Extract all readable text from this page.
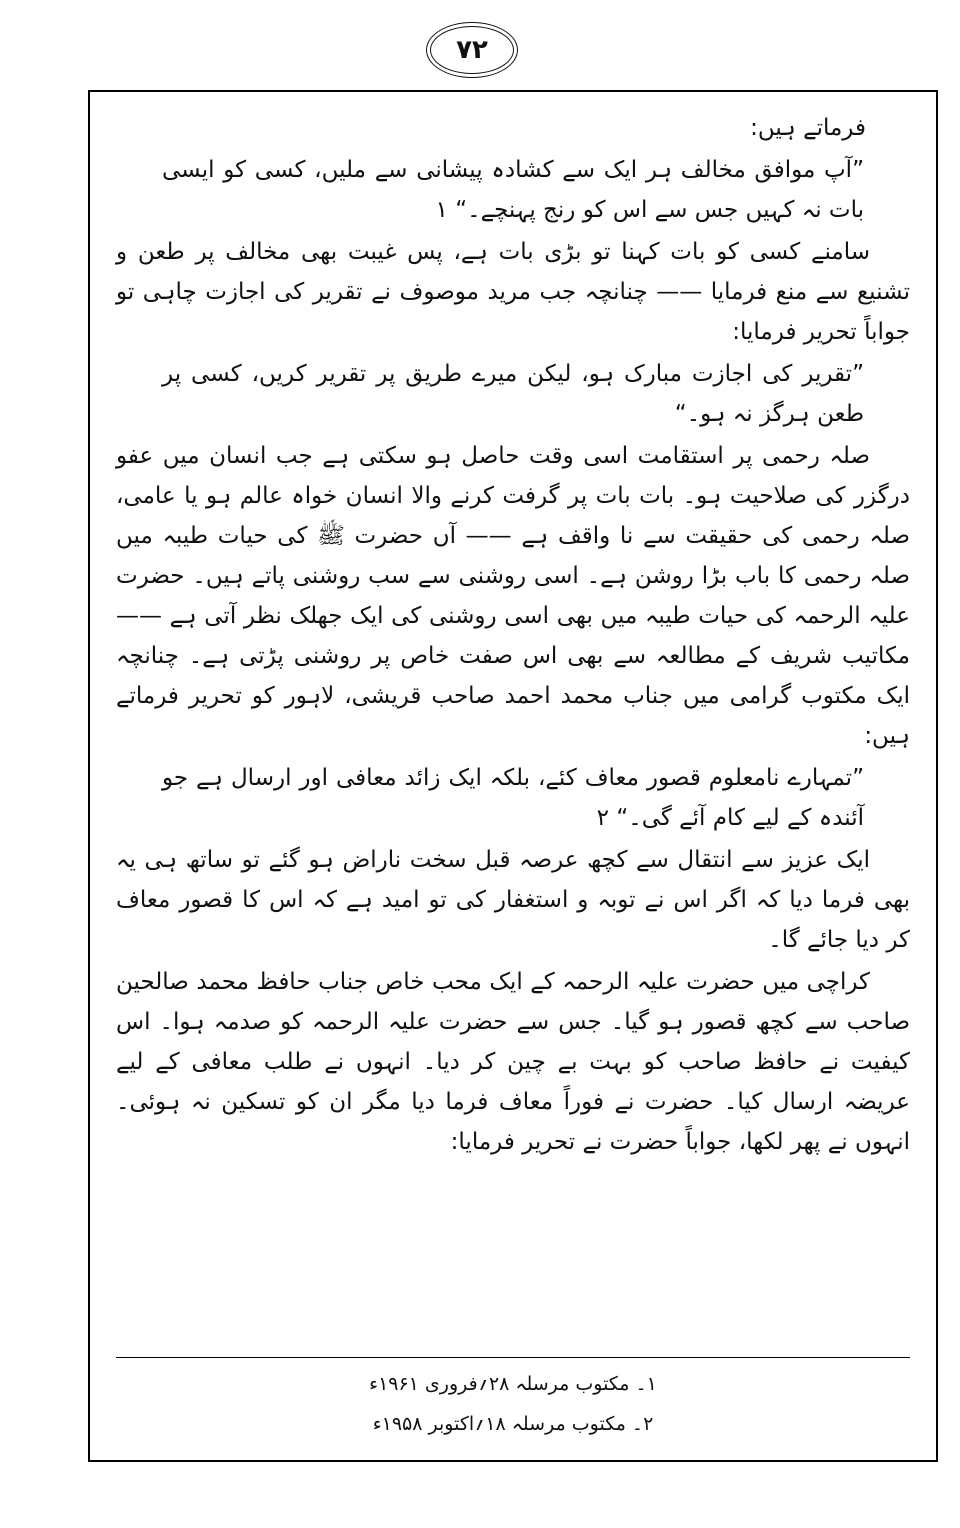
۷۲

فرماتے ہیں:

”آپ موافق مخالف ہر ایک سے کشادہ پیشانی سے ملیں، کسی کو ایسی بات نہ کہیں جس سے اس کو رنج پہنچے۔“ ۱

سامنے کسی کو بات کہنا تو بڑی بات ہے، پس غیبت بھی مخالف پر طعن و تشنیع سے منع فرمایا —— چنانچہ جب مرید موصوف نے تقریر کی اجازت چاہی تو جواباً تحریر فرمایا:

”تقریر کی اجازت مبارک ہو، لیکن میرے طریق پر تقریر کریں، کسی پر طعن ہرگز نہ ہو۔“

صلہ رحمی پر استقامت اسی وقت حاصل ہو سکتی ہے جب انسان میں عفو درگزر کی صلاحیت ہو۔ بات بات پر گرفت کرنے والا انسان خواہ عالم ہو یا عامی، صلہ رحمی کی حقیقت سے نا واقف ہے —— آں حضرت ﷺ کی حیات طیبہ میں صلہ رحمی کا باب بڑا روشن ہے۔ اسی روشنی سے سب روشنی پاتے ہیں۔ حضرت علیہ الرحمہ کی حیات طیبہ میں بھی اسی روشنی کی ایک جھلک نظر آتی ہے —— مکاتیب شریف کے مطالعہ سے بھی اس صفت خاص پر روشنی پڑتی ہے۔ چنانچہ ایک مکتوب گرامی میں جناب محمد احمد صاحب قریشی، لاہور کو تحریر فرماتے ہیں:

”تمہارے نامعلوم قصور معاف کئے، بلکہ ایک زائد معافی اور ارسال ہے جو آئندہ کے لیے کام آئے گی۔“ ۲

ایک عزیز سے انتقال سے کچھ عرصہ قبل سخت ناراض ہو گئے تو ساتھ ہی یہ بھی فرما دیا کہ اگر اس نے توبہ و استغفار کی تو امید ہے کہ اس کا قصور معاف کر دیا جائے گا۔

کراچی میں حضرت علیہ الرحمہ کے ایک محب خاص جناب حافظ محمد صالحین صاحب سے کچھ قصور ہو گیا۔ جس سے حضرت علیہ الرحمہ کو صدمہ ہوا۔ اس کیفیت نے حافظ صاحب کو بہت بے چین کر دیا۔ انہوں نے طلب معافی کے لیے عریضہ ارسال کیا۔ حضرت نے فوراً معاف فرما دیا مگر ان کو تسکین نہ ہوئی۔ انہوں نے پھر لکھا، جواباً حضرت نے تحریر فرمایا:

۱۔ مکتوب مرسلہ ۲۸؍فروری ۱۹۶۱ء

۲۔ مکتوب مرسلہ ۱۸؍اکتوبر ۱۹۵۸ء
